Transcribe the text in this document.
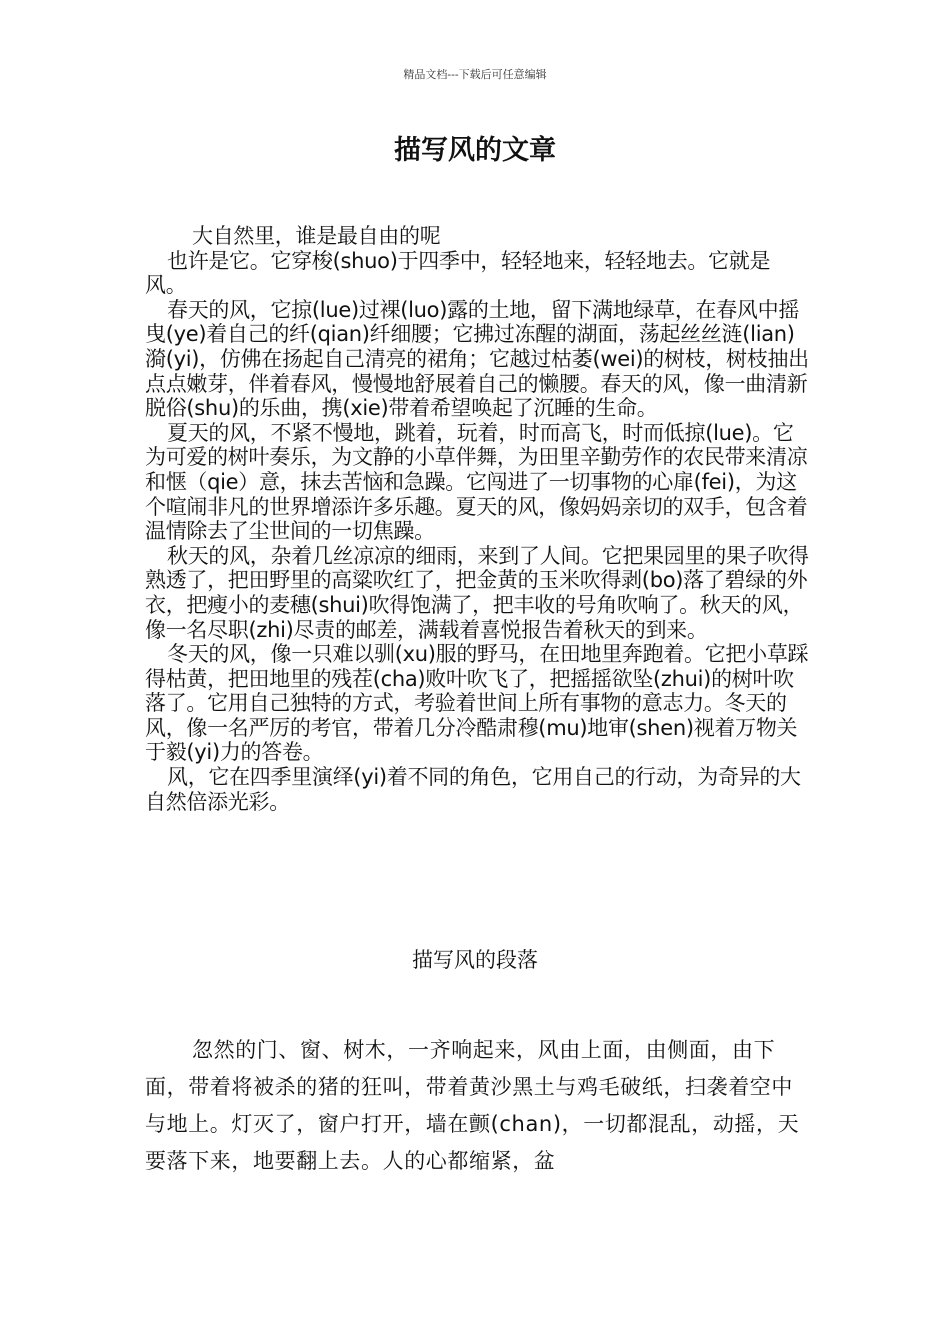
精品文档---下载后可任意编辑
描写风的文章

大自然里，谁是最自由的呢

也许是它。它穿梭(shuo)于四季中，轻轻地来，轻轻地去。它就是风。

春天的风，它掠(lue)过裸(luo)露的土地，留下满地绿草，在春风中摇曳(ye)着自己的纤(qian)纤细腰；它拂过冻醒的湖面，荡起丝丝涟(lian)漪(yi)，仿佛在扬起自己清亮的裙角；它越过枯萎(wei)的树枝，树枝抽出点点嫩芽，伴着春风，慢慢地舒展着自己的懒腰。春天的风，像一曲清新脱俗(shu)的乐曲，携(xie)带着希望唤起了沉睡的生命。

夏天的风，不紧不慢地，跳着，玩着，时而高飞，时而低掠(lue)。它为可爱的树叶奏乐，为文静的小草伴舞，为田里辛勤劳作的农民带来清凉和惬（qie）意，抹去苦恼和急躁。它闯进了一切事物的心扉(fei)，为这个喧闹非凡的世界增添许多乐趣。夏天的风，像妈妈亲切的双手，包含着温情除去了尘世间的一切焦躁。

秋天的风，杂着几丝凉凉的细雨，来到了人间。它把果园里的果子吹得熟透了，把田野里的高粱吹红了，把金黄的玉米吹得剥(bo)落了碧绿的外衣，把瘦小的麦穗(shui)吹得饱满了，把丰收的号角吹响了。秋天的风，像一名尽职(zhi)尽责的邮差，满载着喜悦报告着秋天的到来。

冬天的风，像一只难以驯(xu)服的野马，在田地里奔跑着。它把小草踩得枯黄，把田地里的残茬(cha)败叶吹飞了，把摇摇欲坠(zhui)的树叶吹落了。它用自己独特的方式，考验着世间上所有事物的意志力。冬天的风，像一名严厉的考官，带着几分冷酷肃穆(mu)地审(shen)视着万物关于毅(yi)力的答卷。

风，它在四季里演绎(yi)着不同的角色，它用自己的行动，为奇异的大自然倍添光彩。

描写风的段落

忽然的门、窗、树木，一齐响起来，风由上面，由侧面，由下面，带着将被杀的猪的狂叫，带着黄沙黑土与鸡毛破纸，扫袭着空中与地上。灯灭了，窗户打开，墙在颤(chan)，一切都混乱，动摇，天要落下来，地要翻上去。人的心都缩紧，盆
